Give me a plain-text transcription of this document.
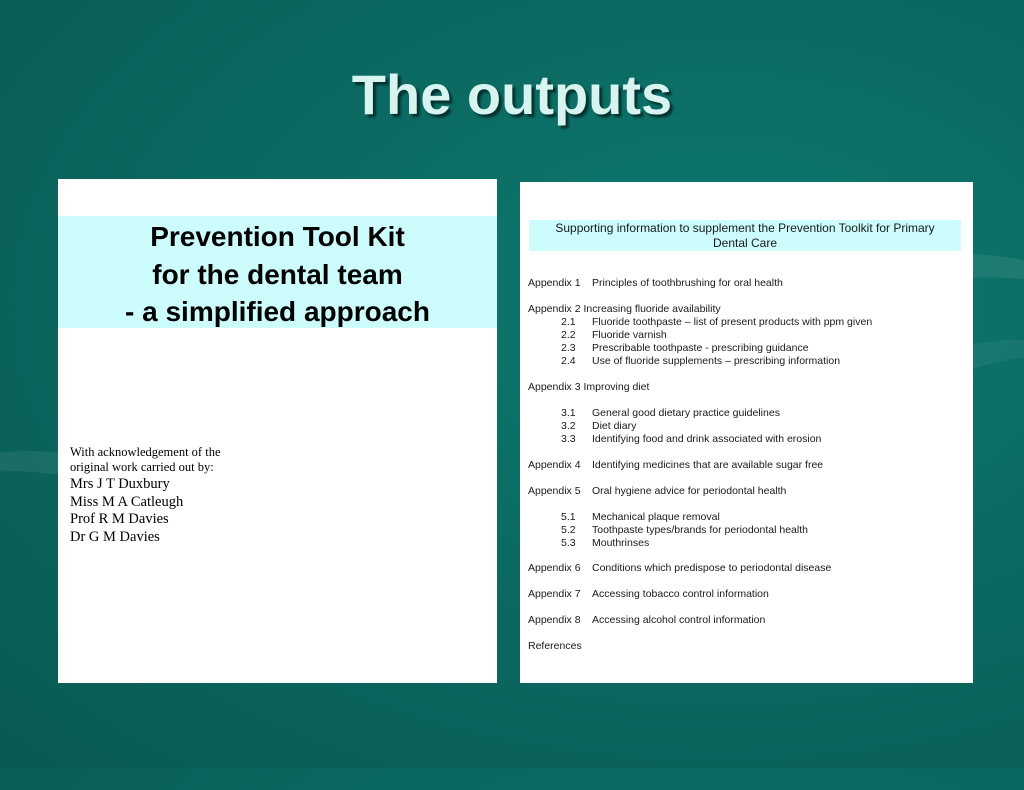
The outputs
Prevention Tool Kit
for the dental team
- a simplified approach
With acknowledgement of the
original work carried out by:
Mrs J T Duxbury
Miss M A Catleugh
Prof R M Davies
Dr G M Davies
Supporting information to supplement the Prevention Toolkit for Primary
Dental Care
Appendix 1 Principles of toothbrushing for oral health
Appendix 2 Increasing fluoride availability
2.1 Fluoride toothpaste – list of present products with ppm given
2.2 Fluoride varnish
2.3 Prescribable toothpaste - prescribing guidance
2.4 Use of fluoride supplements – prescribing information
Appendix 3 Improving diet
3.1 General good dietary practice guidelines
3.2 Diet diary
3.3 Identifying food and drink associated with erosion
Appendix 4 Identifying medicines that are available sugar free
Appendix 5 Oral hygiene advice for periodontal health
5.1 Mechanical plaque removal
5.2 Toothpaste types/brands for periodontal health
5.3 Mouthrinses
Appendix 6 Conditions which predispose to periodontal disease
Appendix 7 Accessing tobacco control information
Appendix 8 Accessing alcohol control information
References
